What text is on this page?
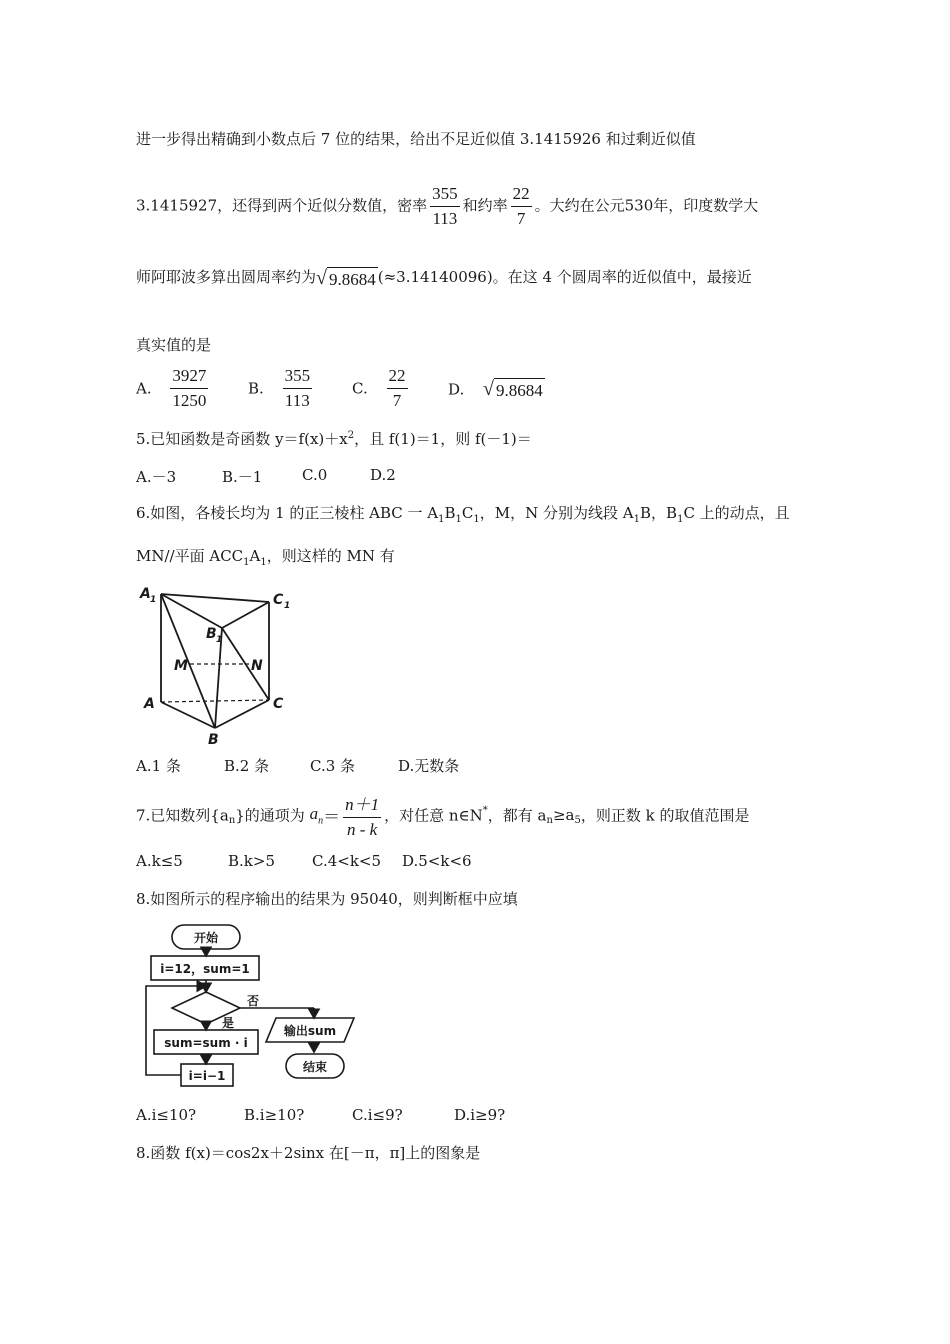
进一步得出精确到小数点后 7 位的结果，给出不足近似值 3.1415926 和过剩近似值
3.1415927，还得到两个近似分数值，密率 $\frac{355}{113}$ 和约率 $\frac{22}{7}$ 。大约在公元530年，印度数学大
师阿耶波多算出圆周率约为 √ 9.8684 (≈3.14140096)。在这 4 个圆周率的近似值中，最接近
真实值的是
A. $\frac{3927}{1250}$	B. $\frac{355}{113}$	C. $\frac{22}{7}$	D. √ 9.8684
5.已知函数是奇函数 $y=f(x)+x^2$，且 f(1)＝1，则 f(－1)＝
A.－3	B.－1	C.0	D.2
6.如图，各棱长均为 1 的正三棱柱 ABC 一 $A_1B_1C_1$，M，N 分别为线段 $A_1B$，$B_1C$ 上的动点，且
MN//平面 $ACC_1A_1$，则这样的 MN 有
A 1	C 1
B 1
M	N
A	C
B
A.1 条	B.2 条	C.3 条	D.无数条
7.已知数列$\{a_n\}$的通项为 $a_n= \frac{n+1}{n - k}$ ，对任意 n∈N*，都有 $a_n\ge a_5$，则正数 k 的取值范围是
A.k≤5	B.k>5 C.4<k<5 D.5<k<6
8.如图所示的程序输出的结果为 95040，则判断框中应填
开始
i=12，sum=1
否
是
输出sum
sum=sum · i
i=i−1
结束
A.i≤10?	B.i≥10?	C.i≤9?	D.i≥9?
8.函数 f(x)＝cos2x＋2sinx 在[－π，π]上的图象是
